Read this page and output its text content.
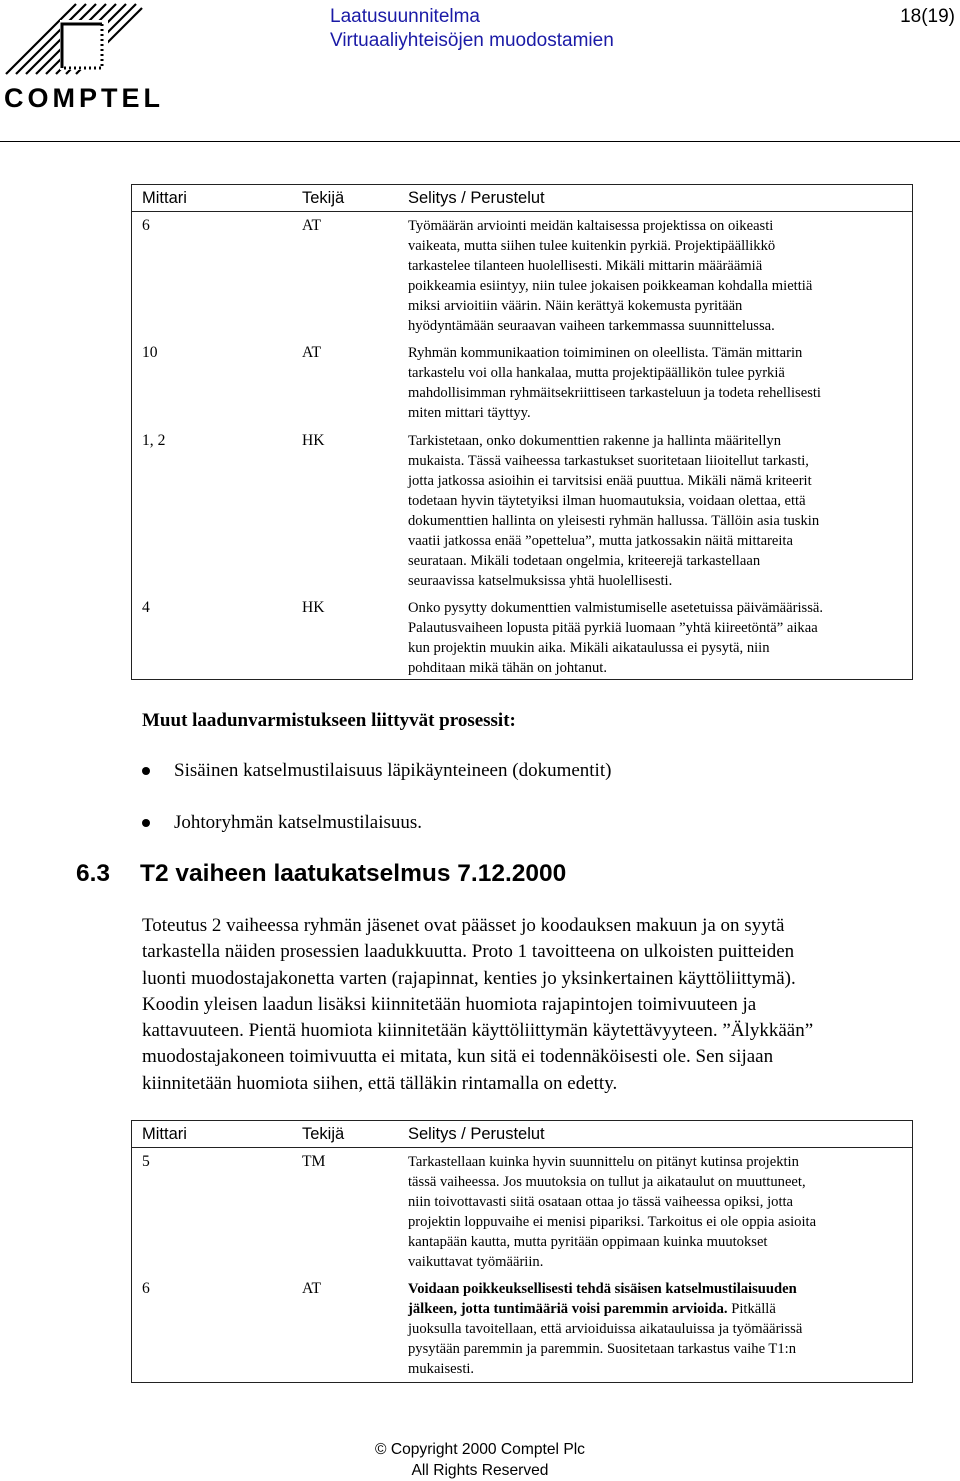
COMPTEL
Laatusuunnitelma
Virtuaaliyhteisöjen muodostamien
18(19)
Mittari	Tekijä	Selitys / Perustelut
6	AT	Työmäärän arviointi meidän kaltaisessa projektissa on oikeasti
vaikeata, mutta siihen tulee kuitenkin pyrkiä. Projektipäällikkö
tarkastelee tilanteen huolellisesti. Mikäli mittarin määräämiä
poikkeamia esiintyy, niin tulee jokaisen poikkeaman kohdalla miettiä
miksi arvioitiin väärin. Näin kerättyä kokemusta pyritään
hyödyntämään seuraavan vaiheen tarkemmassa suunnittelussa.
10	AT	Ryhmän kommunikaation toimiminen on oleellista. Tämän mittarin
tarkastelu voi olla hankalaa, mutta projektipäällikön tulee pyrkiä
mahdollisimman ryhmäitsekriittiseen tarkasteluun ja todeta rehellisesti
miten mittari täyttyy.
1, 2	HK	Tarkistetaan, onko dokumenttien rakenne ja hallinta määritellyn
mukaista. Tässä vaiheessa tarkastukset suoritetaan liioitellut tarkasti,
jotta jatkossa asioihin ei tarvitsisi enää puuttua. Mikäli nämä kriteerit
todetaan hyvin täytetyiksi ilman huomautuksia, voidaan olettaa, että
dokumenttien hallinta on yleisesti ryhmän hallussa. Tällöin asia tuskin
vaatii jatkossa enää ”opettelua”, mutta jatkossakin näitä mittareita
seurataan. Mikäli todetaan ongelmia, kriteerejä tarkastellaan
seuraavissa katselmuksissa yhtä huolellisesti.
4	HK	Onko pysytty dokumenttien valmistumiselle asetetuissa päivämäärissä.
Palautusvaiheen lopusta pitää pyrkiä luomaan ”yhtä kiireetöntä” aikaa
kun projektin muukin aika. Mikäli aikataulussa ei pysytä, niin
pohditaan mikä tähän on johtanut.
Muut laadunvarmistukseen liittyvät prosessit:
Sisäinen katselmustilaisuus läpikäynteineen (dokumentit)
Johtoryhmän katselmustilaisuus.
6.3 T2 vaiheen laatukatselmus 7.12.2000
Toteutus 2 vaiheessa ryhmän jäsenet ovat päässet jo koodauksen makuun ja on syytä
tarkastella näiden prosessien laadukkuutta. Proto 1 tavoitteena on ulkoisten puitteiden
luonti muodostajakonetta varten (rajapinnat, kenties jo yksinkertainen käyttöliittymä).
Koodin yleisen laadun lisäksi kiinnitetään huomiota rajapintojen toimivuuteen ja
kattavuuteen. Pientä huomiota kiinnitetään käyttöliittymän käytettävyyteen. ”Älykkään”
muodostajakoneen toimivuutta ei mitata, kun sitä ei todennäköisesti ole. Sen sijaan
kiinnitetään huomiota siihen, että tälläkin rintamalla on edetty.
Mittari	Tekijä	Selitys / Perustelut
5	TM	Tarkastellaan kuinka hyvin suunnittelu on pitänyt kutinsa projektin
tässä vaiheessa. Jos muutoksia on tullut ja aikataulut on muuttuneet,
niin toivottavasti siitä osataan ottaa jo tässä vaiheessa opiksi, jotta
projektin loppuvaihe ei menisi pipariksi. Tarkoitus ei ole oppia asioita
kantapään kautta, mutta pyritään oppimaan kuinka muutokset
vaikuttavat työmääriin.
6	AT	Voidaan poikkeuksellisesti tehdä sisäisen katselmustilaisuuden
jälkeen, jotta tuntimääriä voisi paremmin arvioida. Pitkällä
juoksulla tavoitellaan, että arvioiduissa aikatauluissa ja työmäärissä
pysytään paremmin ja paremmin. Suositetaan tarkastus vaihe T1:n
mukaisesti.
© Copyright 2000 Comptel Plc
All Rights Reserved
